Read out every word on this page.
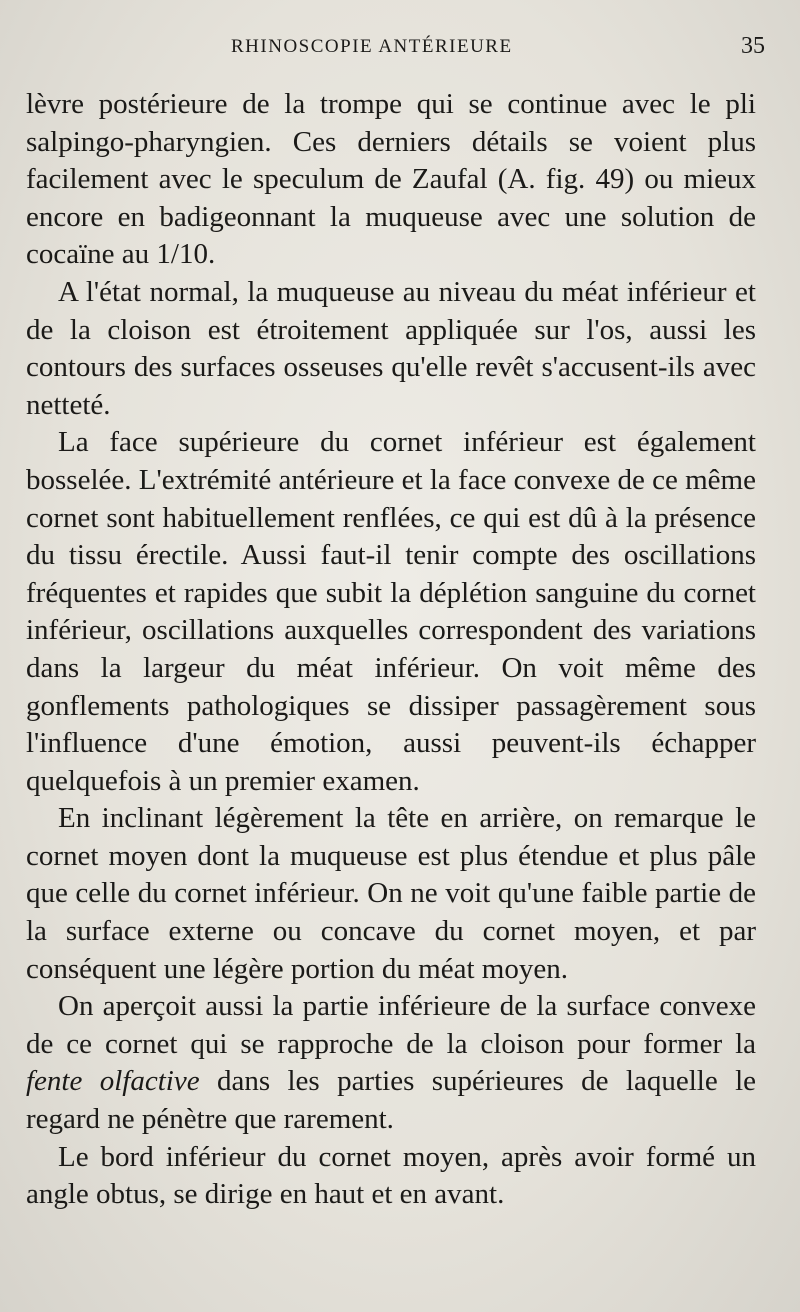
RHINOSCOPIE ANTÉRIEURE	35

lèvre postérieure de la trompe qui se continue avec le pli salpingo-pharyngien. Ces derniers détails se voient plus facilement avec le speculum de Zaufal (A. fig. 49) ou mieux encore en badigeonnant la muqueuse avec une solution de cocaïne au 1/10.

A l'état normal, la muqueuse au niveau du méat inférieur et de la cloison est étroitement appliquée sur l'os, aussi les contours des surfaces osseuses qu'elle revêt s'accusent-ils avec netteté.

La face supérieure du cornet inférieur est également bosselée. L'extrémité antérieure et la face convexe de ce même cornet sont habituellement renflées, ce qui est dû à la présence du tissu érectile. Aussi faut-il tenir compte des oscillations fréquentes et rapides que subit la déplétion sanguine du cornet inférieur, oscillations auxquelles correspondent des variations dans la largeur du méat inférieur. On voit même des gonflements pathologiques se dissiper passagèrement sous l'influence d'une émotion, aussi peuvent-ils échapper quelquefois à un premier examen.

En inclinant légèrement la tête en arrière, on remarque le cornet moyen dont la muqueuse est plus étendue et plus pâle que celle du cornet inférieur. On ne voit qu'une faible partie de la surface externe ou concave du cornet moyen, et par conséquent une légère portion du méat moyen.

On aperçoit aussi la partie inférieure de la surface convexe de ce cornet qui se rapproche de la cloison pour former la fente olfactive dans les parties supérieures de laquelle le regard ne pénètre que rarement.

Le bord inférieur du cornet moyen, après avoir formé un angle obtus, se dirige en haut et en avant.
